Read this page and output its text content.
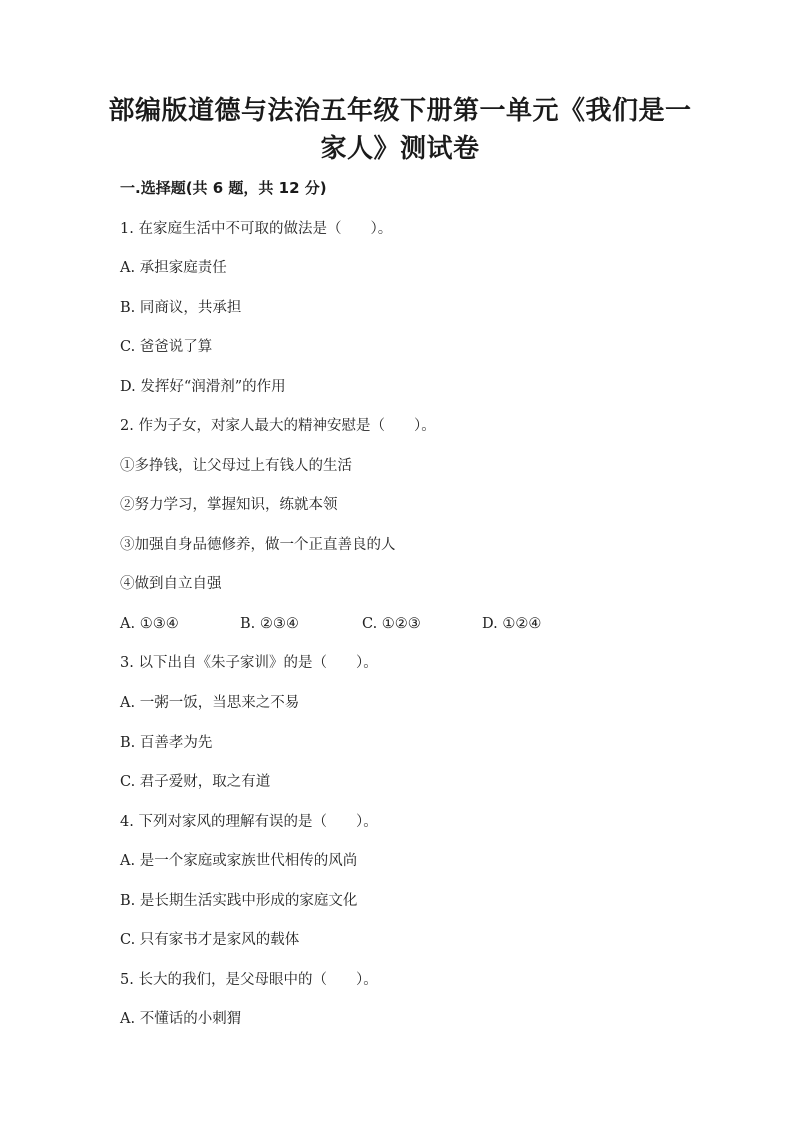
部编版道德与法治五年级下册第一单元《我们是一
家人》测试卷
一.选择题(共 6 题，共 12 分)
1. 在家庭生活中不可取的做法是（　　）。
A. 承担家庭责任
B. 同商议，共承担
C. 爸爸说了算
D. 发挥好“润滑剂”的作用
2. 作为子女，对家人最大的精神安慰是（　　）。
①多挣钱，让父母过上有钱人的生活
②努力学习，掌握知识，练就本领
③加强自身品德修养，做一个正直善良的人
④做到自立自强
A. ①③④	B. ②③④	C. ①②③	D. ①②④
3. 以下出自《朱子家训》的是（　　）。
A. 一粥一饭，当思来之不易
B. 百善孝为先
C. 君子爱财，取之有道
4. 下列对家风的理解有误的是（　　）。
A. 是一个家庭或家族世代相传的风尚
B. 是长期生活实践中形成的家庭文化
C. 只有家书才是家风的载体
5. 长大的我们，是父母眼中的（　　）。
A. 不懂话的小刺猬
